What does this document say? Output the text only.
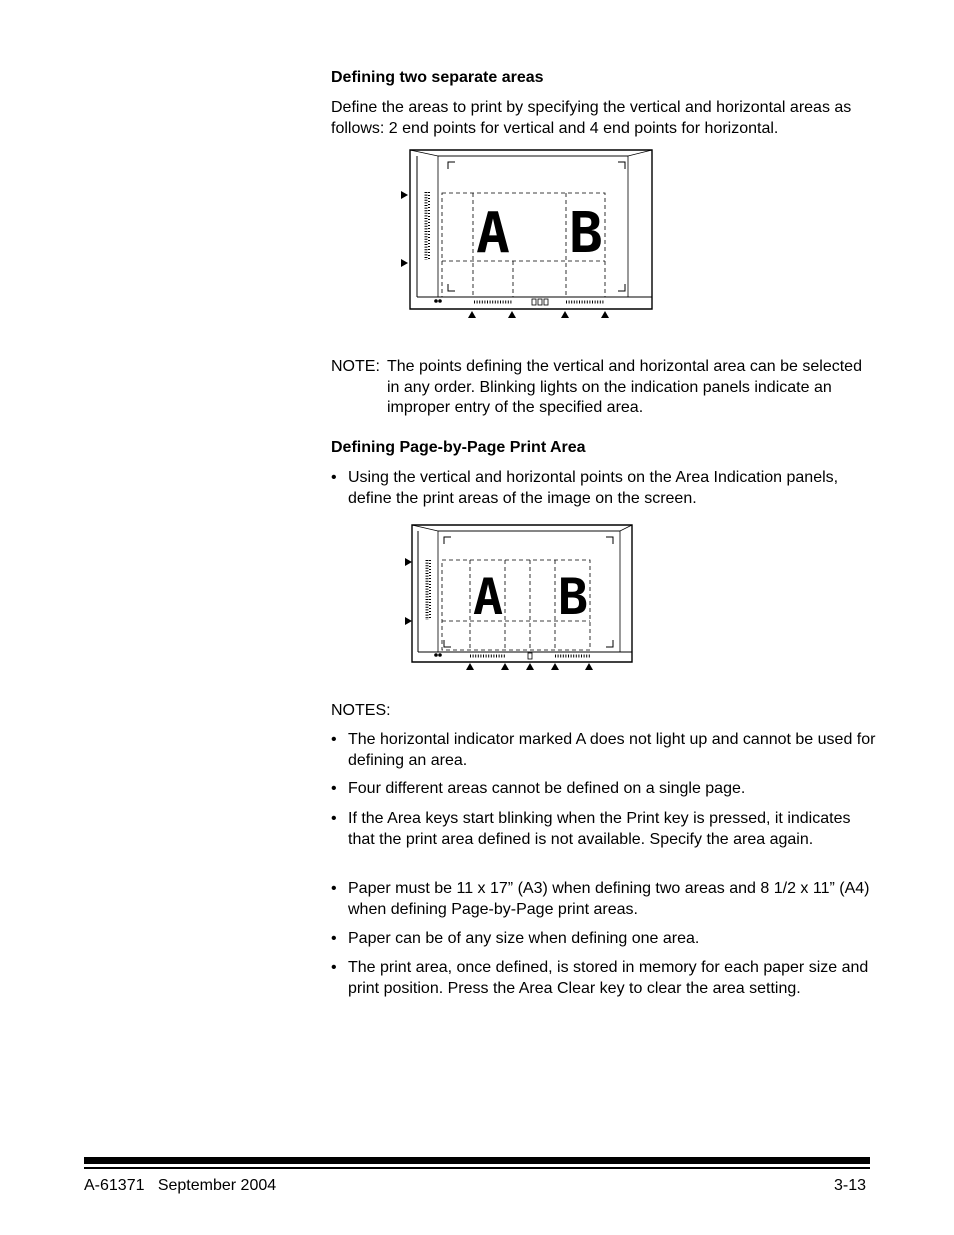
Defining two separate areas
Define the areas to print by specifying the vertical and horizontal areas as follows: 2 end points for vertical and 4 end points for horizontal.
A B
NOTE: The points defining the vertical and horizontal area can be selected in any order. Blinking lights on the indication panels indicate an improper entry of the specified area.
Defining Page-by-Page Print Area
• Using the vertical and horizontal points on the Area Indication panels, define the print areas of the image on the screen.
A B
NOTES:
• The horizontal indicator marked A does not light up and cannot be used for defining an area.
• Four different areas cannot be defined on a single page.
• If the Area keys start blinking when the Print key is pressed, it indicates that the print area defined is not available. Specify the area again.
• Paper must be 11 x 17” (A3) when defining two areas and 8 1/2 x 11” (A4) when defining Page-by-Page print areas.
• Paper can be of any size when defining one area.
• The print area, once defined, is stored in memory for each paper size and print position. Press the Area Clear key to clear the area setting.
A-61371   September 2004	3-13
